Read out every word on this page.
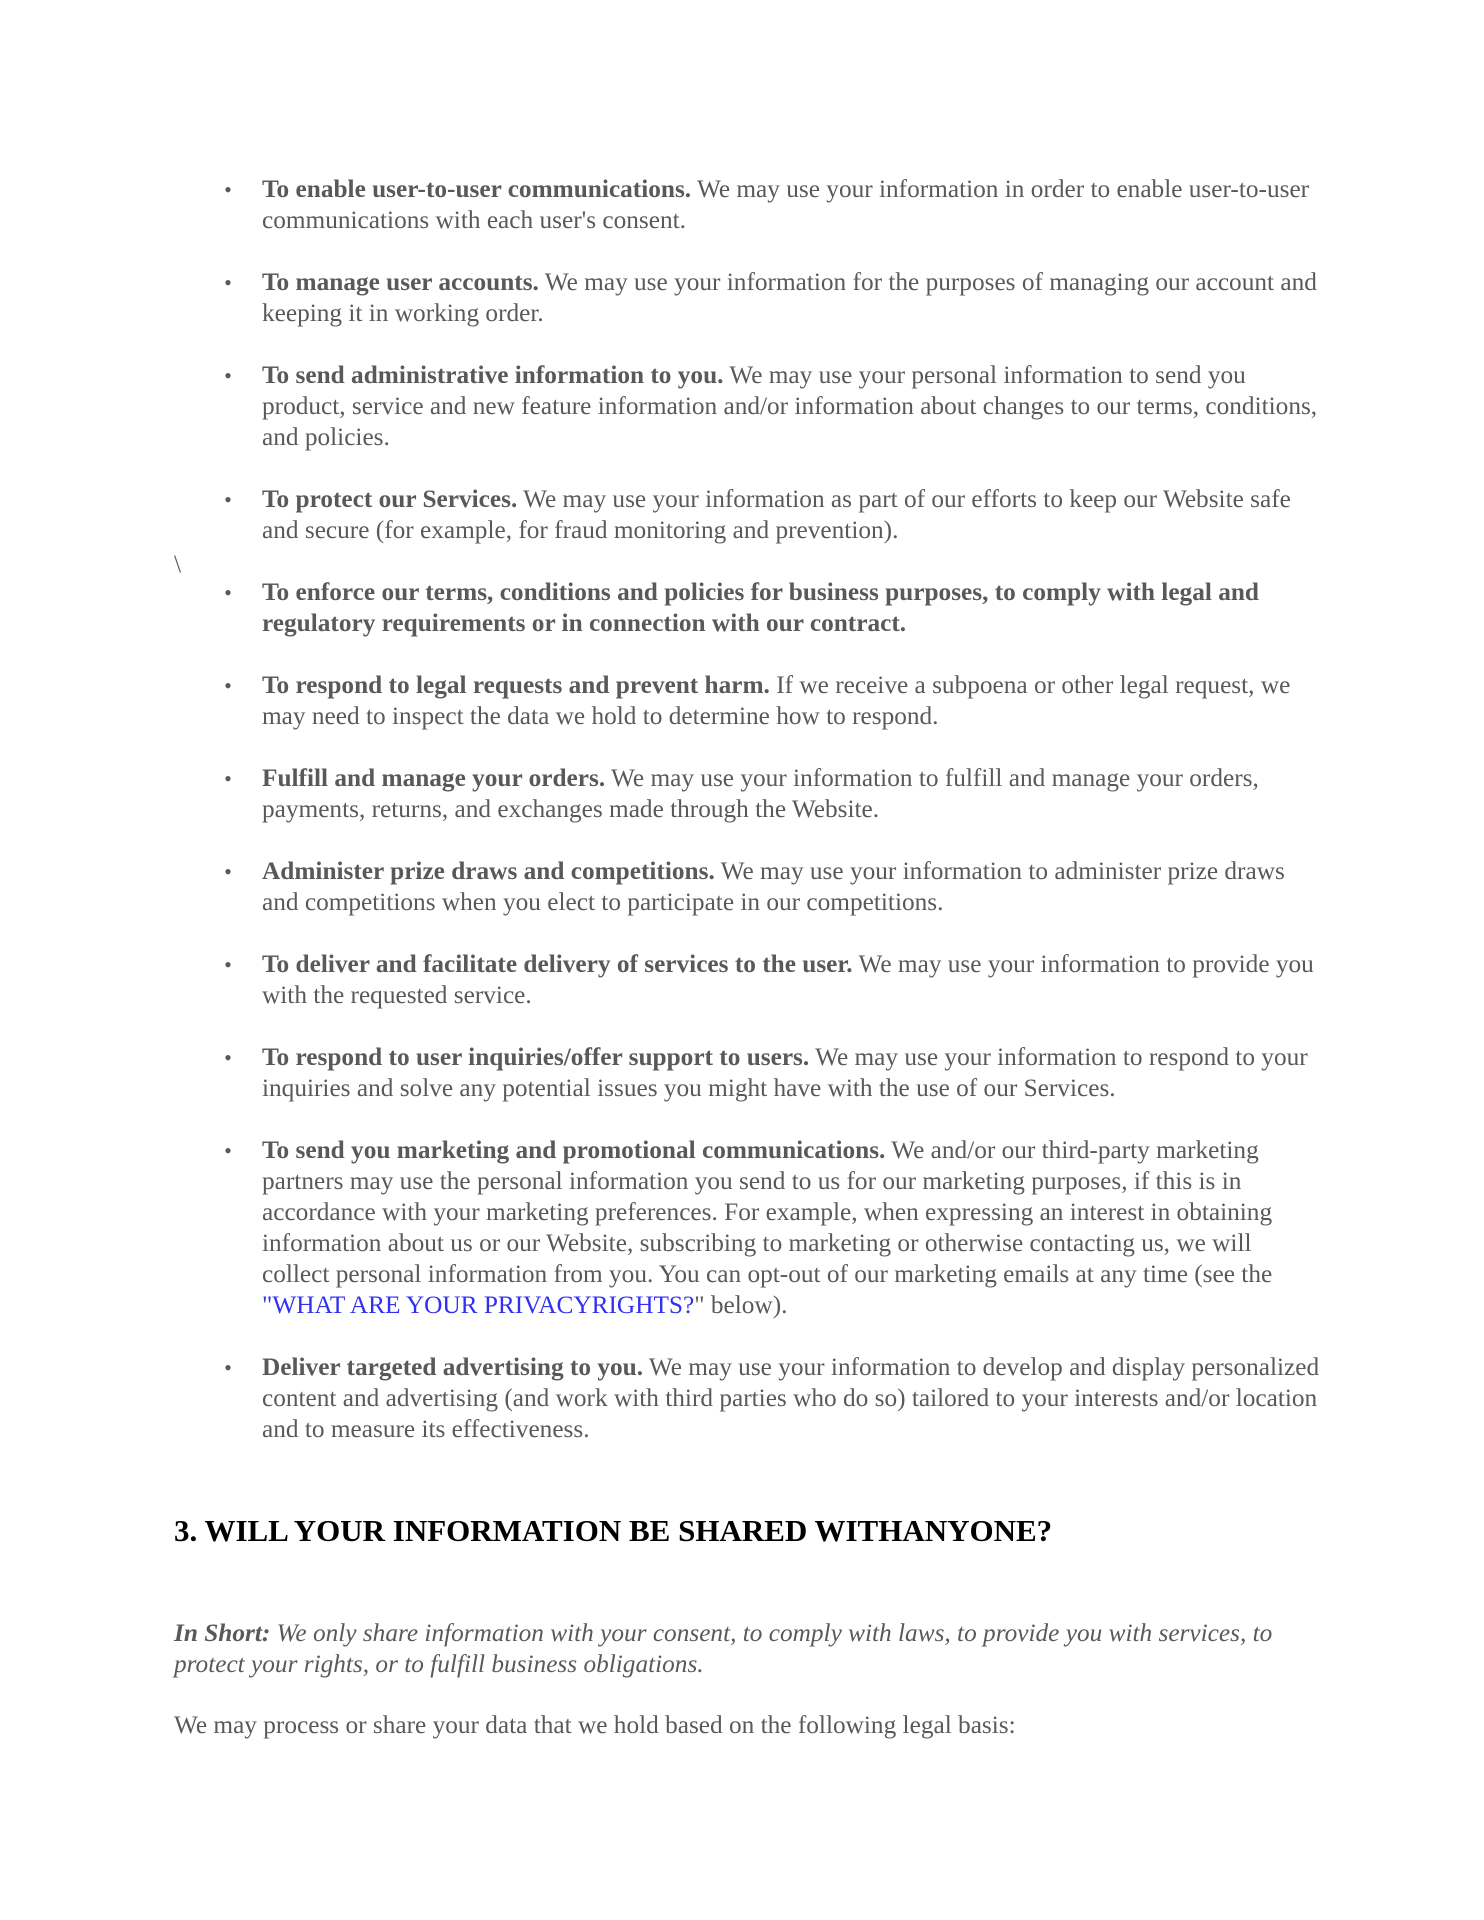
• To enable user-to-user communications. We may use your information in order to enable user-to-user communications with each user's consent.
• To manage user accounts. We may use your information for the purposes of managing our account and keeping it in working order.
• To send administrative information to you. We may use your personal information to send you product, service and new feature information and/or information about changes to our terms, conditions, and policies.
• To protect our Services. We may use your information as part of our efforts to keep our Website safe and secure (for example, for fraud monitoring and prevention).
• To enforce our terms, conditions and policies for business purposes, to comply with legal and regulatory requirements or in connection with our contract.
• To respond to legal requests and prevent harm. If we receive a subpoena or other legal request, we may need to inspect the data we hold to determine how to respond.
• Fulfill and manage your orders. We may use your information to fulfill and manage your orders, payments, returns, and exchanges made through the Website.
• Administer prize draws and competitions. We may use your information to administer prize draws and competitions when you elect to participate in our competitions.
• To deliver and facilitate delivery of services to the user. We may use your information to provide you with the requested service.
• To respond to user inquiries/offer support to users. We may use your information to respond to your inquiries and solve any potential issues you might have with the use of our Services.
• To send you marketing and promotional communications. We and/or our third-party marketing partners may use the personal information you send to us for our marketing purposes, if this is in accordance with your marketing preferences. For example, when expressing an interest in obtaining information about us or our Website, subscribing to marketing or otherwise contacting us, we will collect personal information from you. You can opt-out of our marketing emails at any time (see the "WHAT ARE YOUR PRIVACYRIGHTS?" below).
• Deliver targeted advertising to you. We may use your information to develop and display personalized content and advertising (and work with third parties who do so) tailored to your interests and/or location and to measure its effectiveness.
\
3. WILL YOUR INFORMATION BE SHARED WITHANYONE?

In Short: We only share information with your consent, to comply with laws, to provide you with services, to protect your rights, or to fulfill business obligations.

We may process or share your data that we hold based on the following legal basis:
